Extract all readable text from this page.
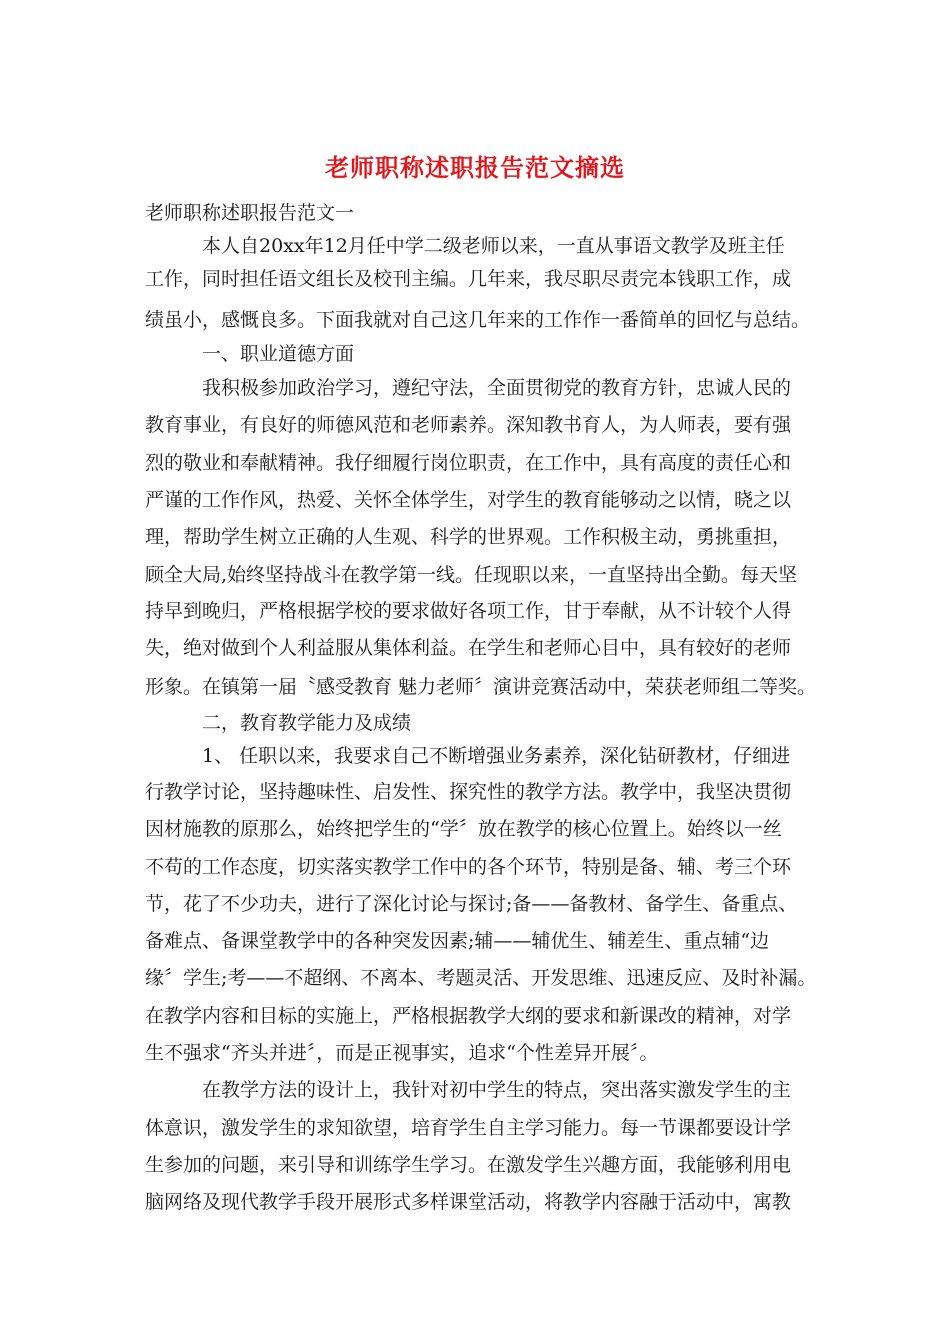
老师职称述职报告范文摘选
老师职称述职报告范文一
本人自20xx年12月任中学二级老师以来，一直从事语文教学及班主任
工作，同时担任语文组长及校刊主编。几年来，我尽职尽责完本钱职工作，成
绩虽小，感慨良多。下面我就对自己这几年来的工作作一番简单的回忆与总结。
一、职业道德方面
我积极参加政治学习，遵纪守法，全面贯彻党的教育方针，忠诚人民的
教育事业，有良好的师德风范和老师素养。深知教书育人，为人师表，要有强
烈的敬业和奉献精神。我仔细履行岗位职责，在工作中，具有高度的责任心和
严谨的工作作风，热爱、关怀全体学生，对学生的教育能够动之以情，晓之以
理，帮助学生树立正确的人生观、科学的世界观。工作积极主动，勇挑重担，
顾全大局,始终坚持战斗在教学第一线。任现职以来，一直坚持出全勤。每天坚
持早到晚归，严格根据学校的要求做好各项工作，甘于奉献，从不计较个人得
失，绝对做到个人利益服从集体利益。在学生和老师心目中，具有较好的老师
形象。在镇第一届〝感受教育 魅力老师〞演讲竞赛活动中，荣获老师组二等奖。
二，教育教学能力及成绩
1、 任职以来，我要求自己不断增强业务素养，深化钻研教材，仔细进
行教学讨论，坚持趣味性、启发性、探究性的教学方法。教学中，我坚决贯彻
因材施教的原那么，始终把学生的“学〞放在教学的核心位置上。始终以一丝
不苟的工作态度，切实落实教学工作中的各个环节，特别是备、辅、考三个环
节，花了不少功夫，进行了深化讨论与探讨;备——备教材、备学生、备重点、
备难点、备课堂教学中的各种突发因素;辅——辅优生、辅差生、重点辅“边
缘〞学生;考——不超纲、不离本、考题灵活、开发思维、迅速反应、及时补漏。
在教学内容和目标的实施上，严格根据教学大纲的要求和新课改的精神，对学
生不强求“齐头并进〞，而是正视事实，追求“个性差异开展〞。
在教学方法的设计上，我针对初中学生的特点，突出落实激发学生的主
体意识，激发学生的求知欲望，培育学生自主学习能力。每一节课都要设计学
生参加的问题，来引导和训练学生学习。在激发学生兴趣方面，我能够利用电
脑网络及现代教学手段开展形式多样课堂活动，将教学内容融于活动中，寓教
